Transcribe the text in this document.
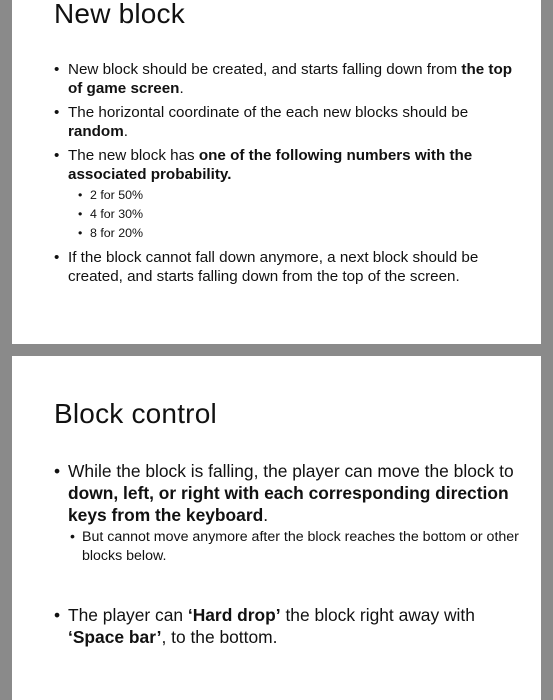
New block
• New block should be created, and starts falling down from the top of game screen.
• The horizontal coordinate of the each new blocks should be random.
• The new block has one of the following numbers with the associated probability.
• 2 for 50%
• 4 for 30%
• 8 for 20%
• If the block cannot fall down anymore, a next block should be created, and starts falling down from the top of the screen.
Block control
• While the block is falling, the player can move the block to down, left, or right with each corresponding direction keys from the keyboard.
• But cannot move anymore after the block reaches the bottom or other blocks below.
• The player can ‘Hard drop’ the block right away with ‘Space bar’, to the bottom.
